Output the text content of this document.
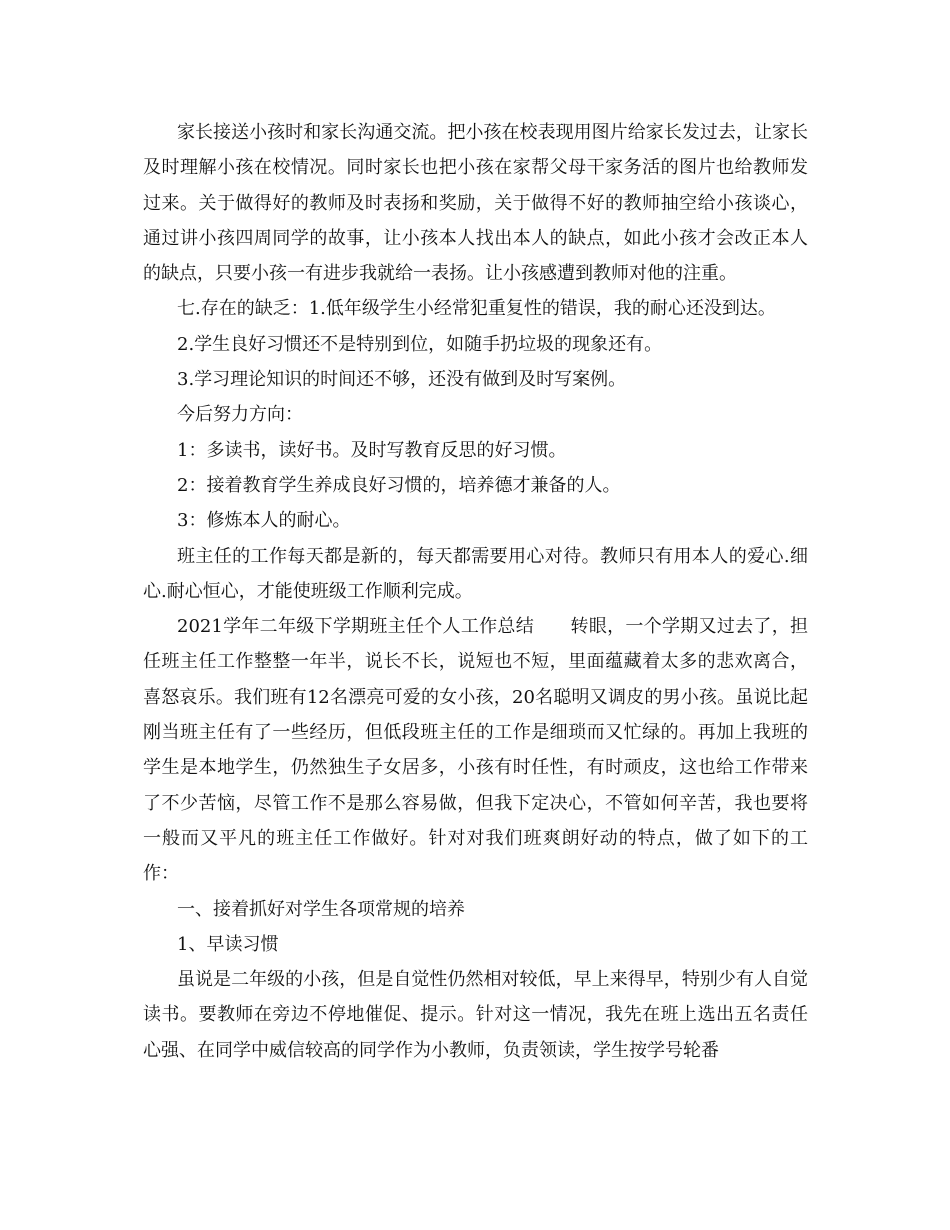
家长接送小孩时和家长沟通交流。把小孩在校表现用图片给家长发过去，让家长及时理解小孩在校情况。同时家长也把小孩在家帮父母干家务活的图片也给教师发过来。关于做得好的教师及时表扬和奖励，关于做得不好的教师抽空给小孩谈心，通过讲小孩四周同学的故事，让小孩本人找出本人的缺点，如此小孩才会改正本人的缺点，只要小孩一有进步我就给一表扬。让小孩感遭到教师对他的注重。

七.存在的缺乏：1.低年级学生小经常犯重复性的错误，我的耐心还没到达。

2.学生良好习惯还不是特别到位，如随手扔垃圾的现象还有。

3.学习理论知识的时间还不够，还没有做到及时写案例。

今后努力方向：

1：多读书，读好书。及时写教育反思的好习惯。

2：接着教育学生养成良好习惯的，培养德才兼备的人。

3：修炼本人的耐心。

班主任的工作每天都是新的，每天都需要用心对待。教师只有用本人的爱心.细心.耐心恒心，才能使班级工作顺利完成。

2021学年二年级下学期班主任个人工作总结　　转眼，一个学期又过去了，担任班主任工作整整一年半，说长不长，说短也不短，里面蕴藏着太多的悲欢离合，喜怒哀乐。我们班有12名漂亮可爱的女小孩，20名聪明又调皮的男小孩。虽说比起刚当班主任有了一些经历，但低段班主任的工作是细琐而又忙绿的。再加上我班的学生是本地学生，仍然独生子女居多，小孩有时任性，有时顽皮，这也给工作带来了不少苦恼，尽管工作不是那么容易做，但我下定决心，不管如何辛苦，我也要将一般而又平凡的班主任工作做好。针对对我们班爽朗好动的特点，做了如下的工作：

一、接着抓好对学生各项常规的培养

1、早读习惯

虽说是二年级的小孩，但是自觉性仍然相对较低，早上来得早，特别少有人自觉读书。要教师在旁边不停地催促、提示。针对这一情况，我先在班上选出五名责任心强、在同学中威信较高的同学作为小教师，负责领读，学生按学号轮番
